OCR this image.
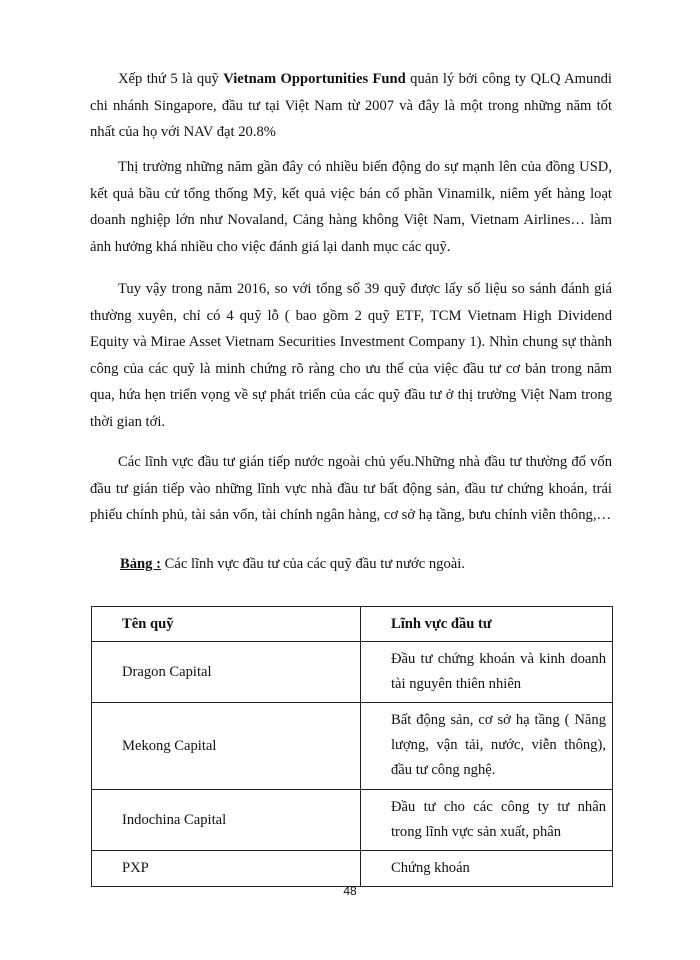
Xếp thứ 5 là quỹ Vietnam Opportunities Fund quản lý bởi công ty QLQ Amundi chi nhánh Singapore, đầu tư tại Việt Nam từ 2007 và đây là một trong những năm tốt nhất của họ với NAV đạt 20.8%

Thị trường những năm gần đây có nhiều biến động do sự mạnh lên của đồng USD, kết quả bầu cử tổng thống Mỹ, kết quả việc bán cổ phần Vinamilk, niêm yết hàng loạt doanh nghiệp lớn như Novaland, Cảng hàng không Việt Nam, Vietnam Airlines… làm ảnh hưởng khá nhiều cho việc đánh giá lại danh mục các quỹ.

Tuy vậy trong năm 2016, so với tổng số 39 quỹ được lấy số liệu so sánh đánh giá thường xuyên, chỉ có 4 quỹ lỗ ( bao gồm 2 quỹ ETF, TCM Vietnam High Dividend Equity và Mirae Asset Vietnam Securities Investment Company 1). Nhìn chung sự thành công của các quỹ là minh chứng rõ ràng cho ưu thế của việc đầu tư cơ bản trong năm qua, hứa hẹn triển vọng về sự phát triển của các quỹ đầu tư ở thị trường Việt Nam trong thời gian tới.

Các lĩnh vực đầu tư gián tiếp nước ngoài chủ yếu.Những nhà đầu tư thường đổ vốn đầu tư gián tiếp vào những lĩnh vực nhà đầu tư bất động sản, đầu tư chứng khoán, trái phiếu chính phủ, tài sản vốn, tài chính ngân hàng, cơ sở hạ tầng, bưu chính viễn thông,…

Bảng : Các lĩnh vực đầu tư của các quỹ đầu tư nước ngoài.

Tên quỹ	Lĩnh vực đầu tư
Dragon Capital	Đầu tư chứng khoán và kinh doanh tài nguyên thiên nhiên
Mekong Capital	Bất động sản, cơ sở hạ tầng ( Năng lượng, vận tải, nước, viễn thông), đầu tư công nghệ.
Indochina Capital	Đầu tư cho các công ty tư nhân trong lĩnh vực sản xuất, phân
PXP	Chứng khoán
48
